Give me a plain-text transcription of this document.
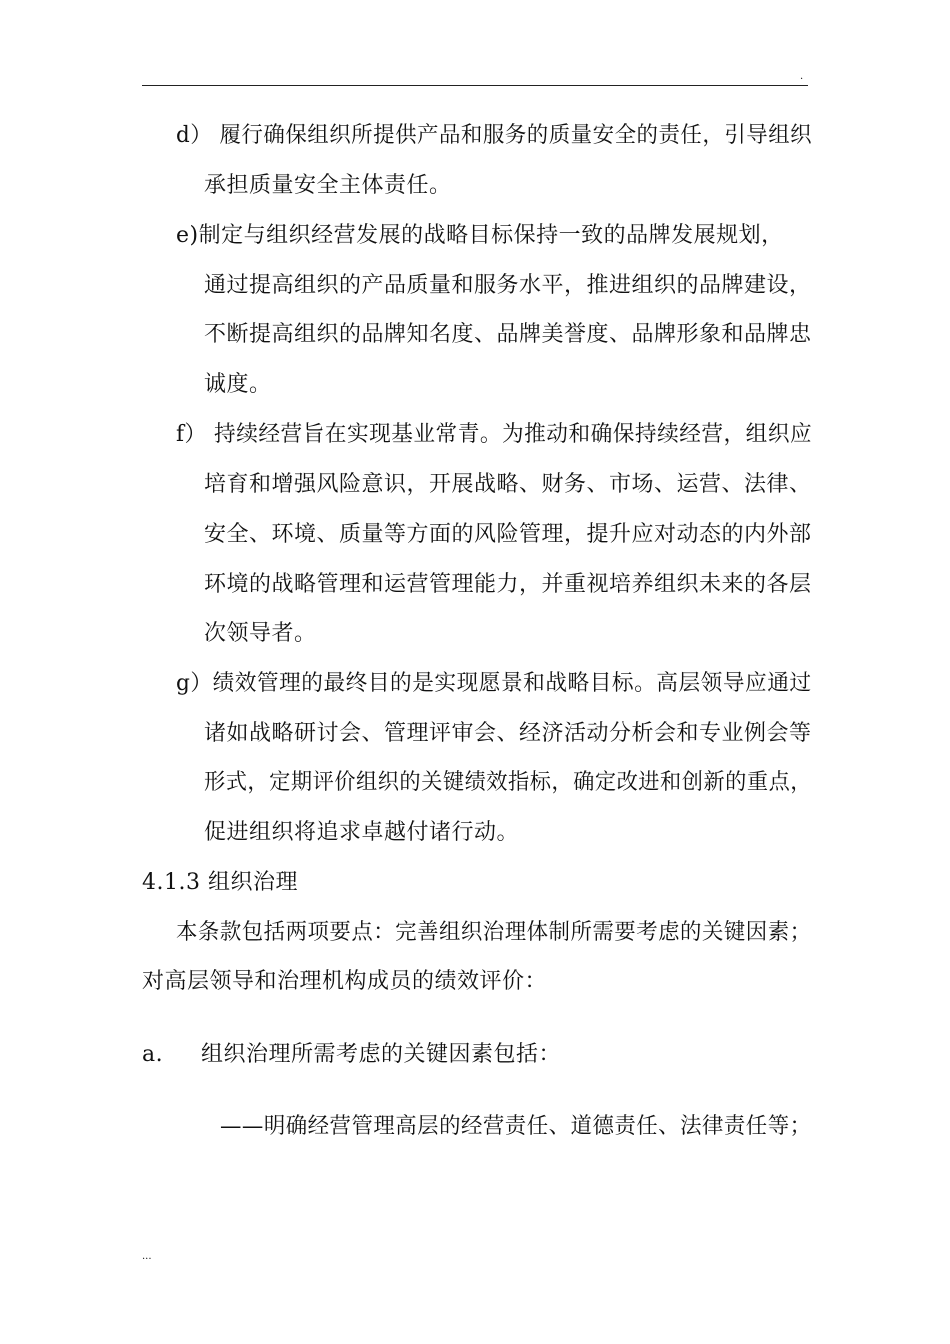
.
d） 履行确保组织所提供产品和服务的质量安全的责任，引导组织
承担质量安全主体责任。
e)制定与组织经营发展的战略目标保持一致的品牌发展规划，
通过提高组织的产品质量和服务水平，推进组织的品牌建设，
不断提高组织的品牌知名度、品牌美誉度、品牌形象和品牌忠
诚度。
f） 持续经营旨在实现基业常青。为推动和确保持续经营，组织应
培育和增强风险意识，开展战略、财务、市场、运营、法律、
安全、环境、质量等方面的风险管理，提升应对动态的内外部
环境的战略管理和运营管理能力，并重视培养组织未来的各层
次领导者。
g）绩效管理的最终目的是实现愿景和战略目标。高层领导应通过
诸如战略研讨会、管理评审会、经济活动分析会和专业例会等
形式，定期评价组织的关键绩效指标，确定改进和创新的重点，
促进组织将追求卓越付诸行动。
4.1.3 组织治理
本条款包括两项要点：完善组织治理体制所需要考虑的关键因素；
对高层领导和治理机构成员的绩效评价：
a. 组织治理所需考虑的关键因素包括：
——明确经营管理高层的经营责任、道德责任、法律责任等；
...
